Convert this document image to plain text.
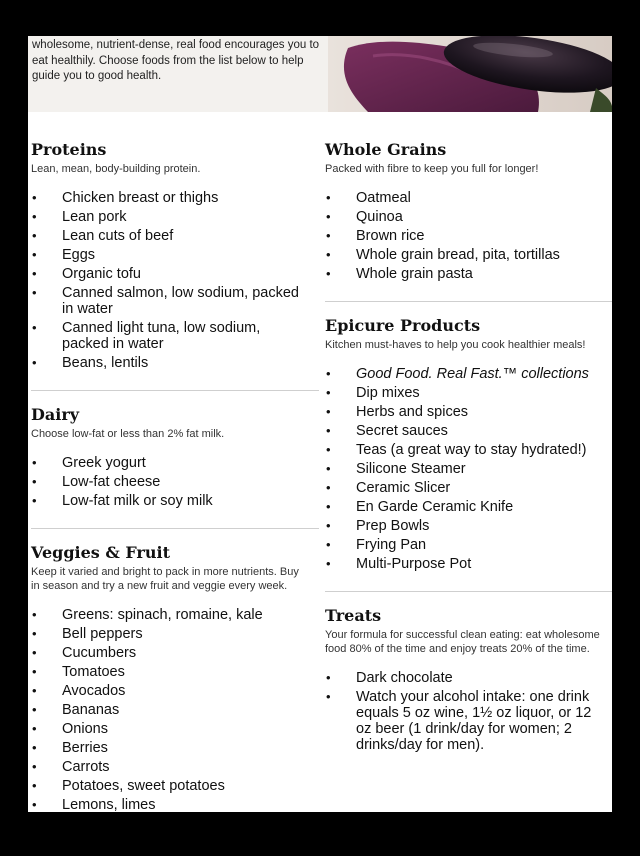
wholesome, nutrient-dense, real food encourages you to eat healthily. Choose foods from the list below to help guide you to good health.

Proteins

Lean, mean, body-building protein.

• Chicken breast or thighs
• Lean pork
• Lean cuts of beef
• Eggs
• Organic tofu
• Canned salmon, low sodium, packed in water
• Canned light tuna, low sodium, packed in water
• Beans, lentils
Dairy

Choose low-fat or less than 2% fat milk.

• Greek yogurt
• Low-fat cheese
• Low-fat milk or soy milk
Veggies & Fruit

Keep it varied and bright to pack in more nutrients. Buy in season and try a new fruit and veggie every week.

• Greens: spinach, romaine, kale
• Bell peppers
• Cucumbers
• Tomatoes
• Avocados
• Bananas
• Onions
• Berries
• Carrots
• Potatoes, sweet potatoes
• Lemons, limes
Whole Grains

Packed with fibre to keep you full for longer!

• Oatmeal
• Quinoa
• Brown rice
• Whole grain bread, pita, tortillas
• Whole grain pasta
Epicure Products

Kitchen must-haves to help you cook healthier meals!

• Good Food. Real Fast.™ collections
• Dip mixes
• Herbs and spices
• Secret sauces
• Teas (a great way to stay hydrated!)
• Silicone Steamer
• Ceramic Slicer
• En Garde Ceramic Knife
• Prep Bowls
• Frying Pan
• Multi-Purpose Pot
Treats

Your formula for successful clean eating: eat wholesome food 80% of the time and enjoy treats 20% of the time.

• Dark chocolate
• Watch your alcohol intake: one drink equals 5 oz wine, 1½ oz liquor, or 12 oz beer (1 drink/day for women; 2 drinks/day for men).
